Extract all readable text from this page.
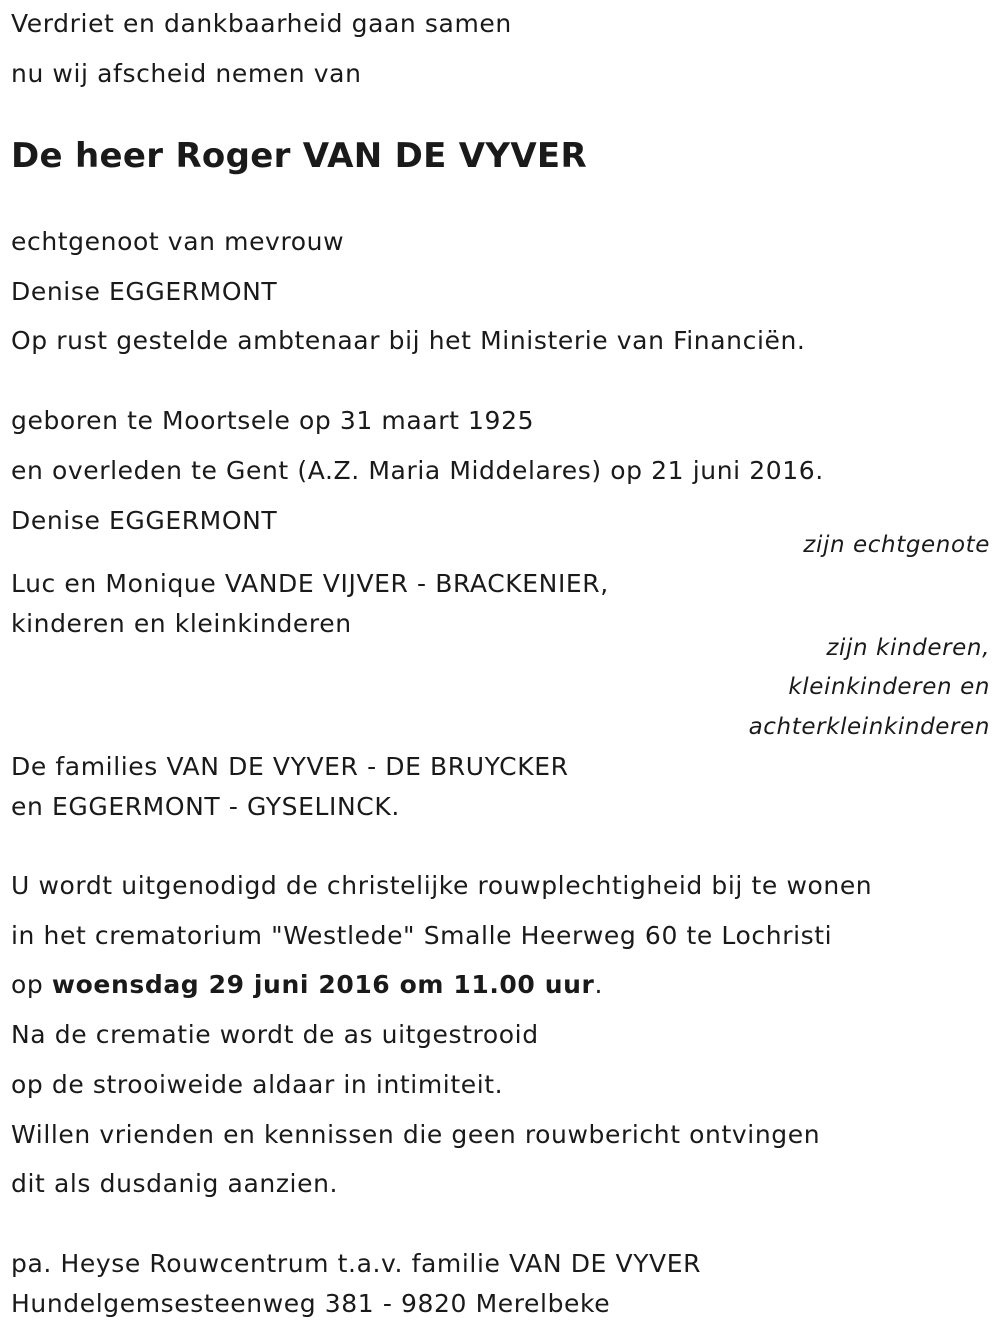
Verdriet en dankbaarheid gaan samen

nu wij afscheid nemen van

De heer Roger VAN DE VYVER

echtgenoot van mevrouw

Denise EGGERMONT

Op rust gestelde ambtenaar bij het Ministerie van Financiën.

geboren te Moortsele op 31 maart 1925

en overleden te Gent (A.Z. Maria Middelares) op 21 juni 2016.

Denise EGGERMONT

zijn echtgenote

Luc en Monique VANDE VIJVER - BRACKENIER,

kinderen en kleinkinderen

zijn kinderen,

kleinkinderen en

achterkleinkinderen

De families VAN DE VYVER - DE BRUYCKER

en EGGERMONT - GYSELINCK.

U wordt uitgenodigd de christelijke rouwplechtigheid bij te wonen

in het crematorium "Westlede" Smalle Heerweg 60 te Lochristi

op woensdag 29 juni 2016 om 11.00 uur.

Na de crematie wordt de as uitgestrooid

op de strooiweide aldaar in intimiteit.

Willen vrienden en kennissen die geen rouwbericht ontvingen

dit als dusdanig aanzien.

pa. Heyse Rouwcentrum t.a.v. familie VAN DE VYVER

Hundelgemsesteenweg 381 - 9820 Merelbeke
